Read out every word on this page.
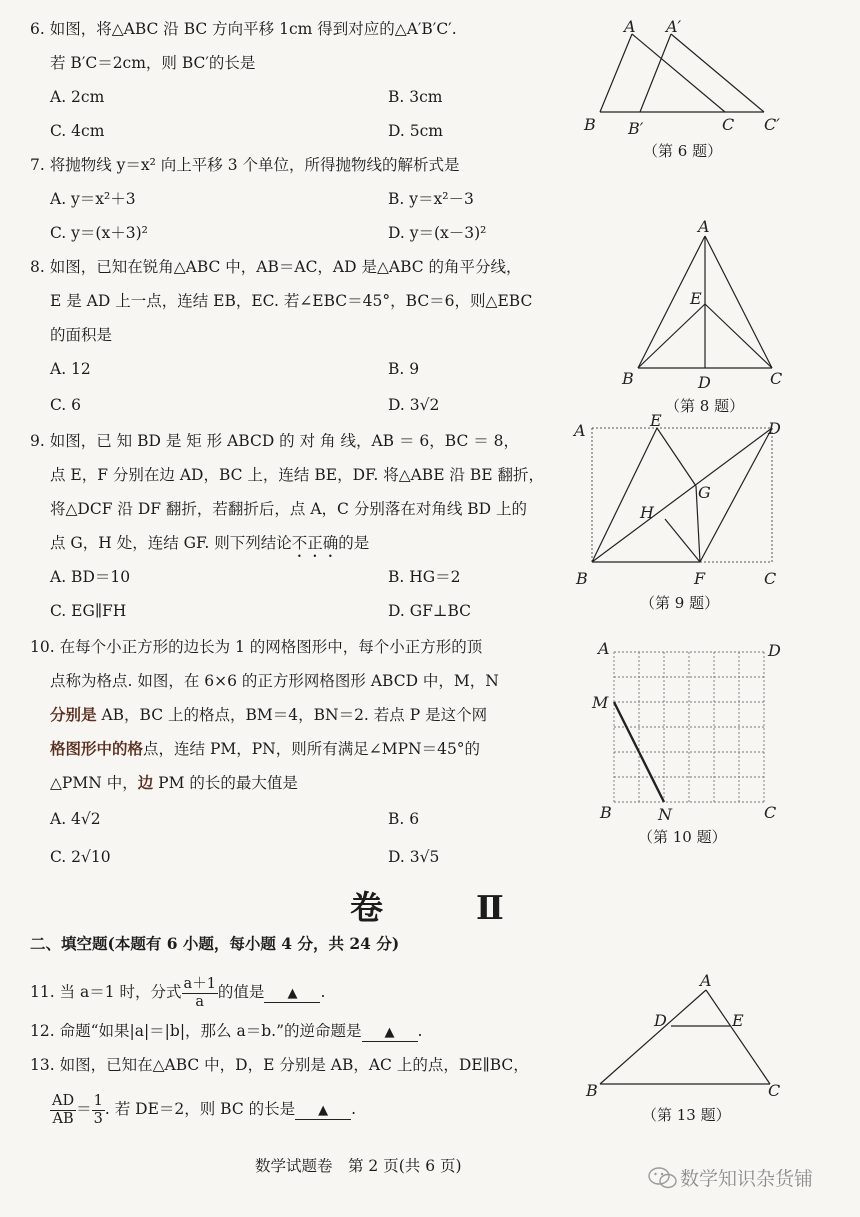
6. 如图，将△ABC 沿 BC 方向平移 1cm 得到对应的△A′B′C′.
若 B′C＝2cm，则 BC′的长是
A. 2cm	B. 3cm
C. 4cm	D. 5cm
7. 将抛物线 y＝x² 向上平移 3 个单位，所得抛物线的解析式是
A. y＝x²＋3	B. y＝x²－3
C. y＝(x＋3)²	D. y＝(x－3)²
8. 如图，已知在锐角△ABC 中，AB＝AC，AD 是△ABC 的角平分线，
E 是 AD 上一点，连结 EB，EC. 若∠EBC＝45°，BC＝6，则△EBC
的面积是
A. 12	B. 9
C. 6	D. 3√2
9. 如图，已 知 BD 是 矩 形 ABCD 的 对 角 线，AB ＝ 6，BC ＝ 8，
点 E，F 分别在边 AD，BC 上，连结 BE，DF. 将△ABE 沿 BE 翻折，
将△DCF 沿 DF 翻折，若翻折后，点 A，C 分别落在对角线 BD 上的
点 G，H 处，连结 GF. 则下列结论不正确的是
A. BD＝10	B. HG＝2
C. EG∥FH	D. GF⊥BC
10. 在每个小正方形的边长为 1 的网格图形中，每个小正方形的顶
点称为格点. 如图，在 6×6 的正方形网格图形 ABCD 中，M，N
分别是 AB，BC 上的格点，BM＝4，BN＝2. 若点 P 是这个网
格图形中的格点，连结 PM，PN，则所有满足∠MPN＝45°的
△PMN 中，边 PM 的长的最大值是
A. 4√2	B. 6
C. 2√10	D. 3√5
卷　Ⅱ
二、填空题(本题有 6 小题，每小题 4 分，共 24 分)
11. 当 a＝1 时，分式 $\frac{a+1}{a}$ 的值是 ▲ .
12. 命题“如果|a|＝|b|，那么 a＝b.”的逆命题是 ▲ .
13. 如图，已知在△ABC 中，D，E 分别是 AB，AC 上的点，DE∥BC，
$\frac{AD}{AB} = \frac{1}{3}$ . 若 DE＝2，则 BC 的长是 ▲ .
A A′
B B′	C C′
（第 6 题）
A
E
B	D	C
（第 8 题）
A
E	D
G
H
B	F	C
（第 9 题）
A	D
M
B	N	C
（第 10 题）
A
D	E
B	C
（第 13 题）
数学试题卷　第 2 页(共 6 页)
数学知识杂货铺
